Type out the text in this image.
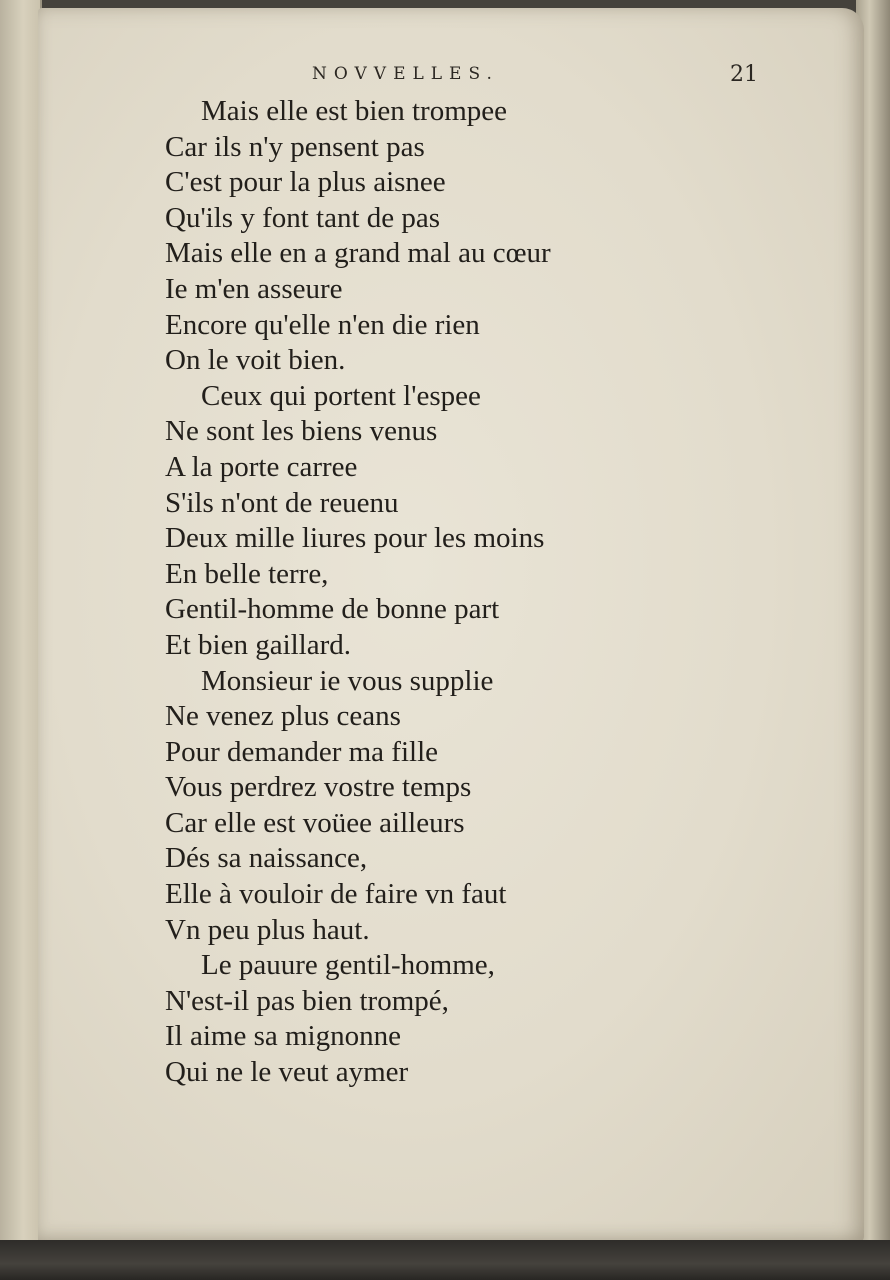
NOVVELLES.	21
Mais elle est bien trompee
Car ils n'y pensent pas
C'est pour la plus aisnee
Qu'ils y font tant de pas
Mais elle en a grand mal au cœur
Ie m'en asseure
Encore qu'elle n'en die rien
On le voit bien.
Ceux qui portent l'espee
Ne sont les biens venus
A la porte carree
S'ils n'ont de reuenu
Deux mille liures pour les moins
En belle terre,
Gentil-homme de bonne part
Et bien gaillard.
Monsieur ie vous supplie
Ne venez plus ceans
Pour demander ma fille
Vous perdrez vostre temps
Car elle est voüee ailleurs
Dés sa naissance,
Elle à vouloir de faire vn faut
Vn peu plus haut.
Le pauure gentil-homme,
N'est-il pas bien trompé,
Il aime sa mignonne
Qui ne le veut aymer
